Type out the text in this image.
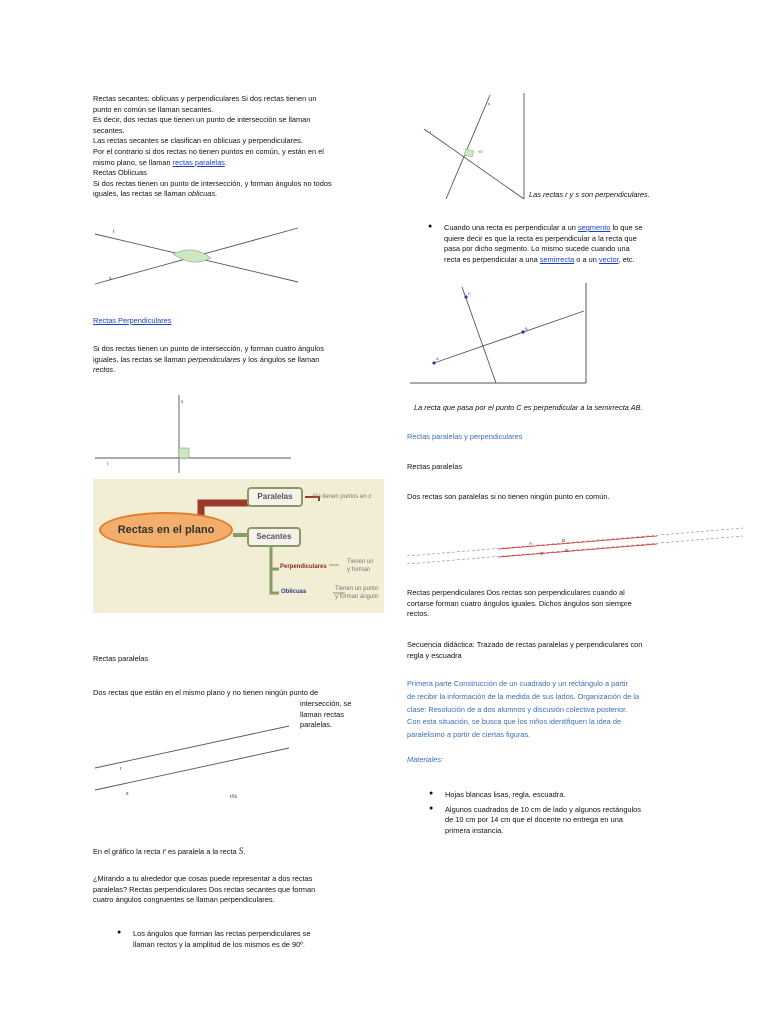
Rectas secantes: oblicuas y perpendiculares Si dos rectas tienen un

punto en común se llaman secantes.

Es decir, dos rectas que tienen un punto de intersección se llaman

secantes.

Las rectas secantes se clasifican en oblicuas y perpendiculares.

Por el contrario si dos rectas no tienen puntos en común, y están en el

mismo plano, se llaman rectas paralelas.

Rectas Oblicuas

Si dos rectas tienen un punto de intersección, y forman ángulos no todos

iguales, las rectas se llaman oblicuas.

r
s
Rectas Perpendiculares

Si dos rectas tienen un punto de intersección, y forman cuatro ángulos

iguales, las rectas se llaman perpendiculares y los ángulos se llaman

rectos.

s
r
Rectas en el plano
Paralelas	No tienen puntos en c
Secantes
Perpendiculares
Tienen un
y forman
Oblicuas	Tienen un punto
y forman ángulo

Rectas paralelas

Dos rectas que están en el mismo plano y no tienen ningún punto de

intersección, se

llaman rectas

paralelas.

r
s	r//s

En el gráfico la recta r es paralela a la recta S.

¿Mirando a tu alrededor que cosas puede representar a dos rectas

paralelas? Rectas perpendiculares Dos rectas secantes que forman

cuatro ángulos congruentes se llaman perpendiculares.

● Los ángulos que forman las rectas perpendiculares se
llaman rectos y la amplitud de los mismos es de 90º.
s
r
90°

Las rectas r y s son perpendiculares.

● Cuando una recta es perpendicular a un segmento lo que se
quiere decir es que la recta es perpendicular a la recta que
pasa por dicho segmento. Lo mismo sucede cuando una
recta es perpendicular a una semirrecta o a un vector, etc.
C
B
A

La recta que pasa por el punto C es perpendicular a la semirrecta AB.

Rectas paralelas y perpendiculares

Rectas paralelas

Dos rectas son paralelas si no tienen ningún punto en común.

A
B
C
D

Rectas perpendiculares Dos rectas son perpendiculares cuando al

cortarse forman cuatro ángulos iguales. Dichos ángulos son siempre

rectos.

Secuencia didáctica: Trazado de rectas paralelas y perpendiculares con

regla y escuadra

Primera parte Construcción de un cuadrado y un rectángulo a partir

de recibir la información de la medida de sus lados. Organización de la

clase: Resolución de a dos alumnos y discusión colectiva posterior.

Con esta situación, se busca que los niños identifiquen la idea de

paralelismo a partir de ciertas figuras.

Materiales:

● Hojas blancas lisas, regla, escuadra.
● Algunos cuadrados de 10 cm de lado y algunos rectángulos
de 10 cm por 14 cm que el docente no entrega en una
primera instancia.
